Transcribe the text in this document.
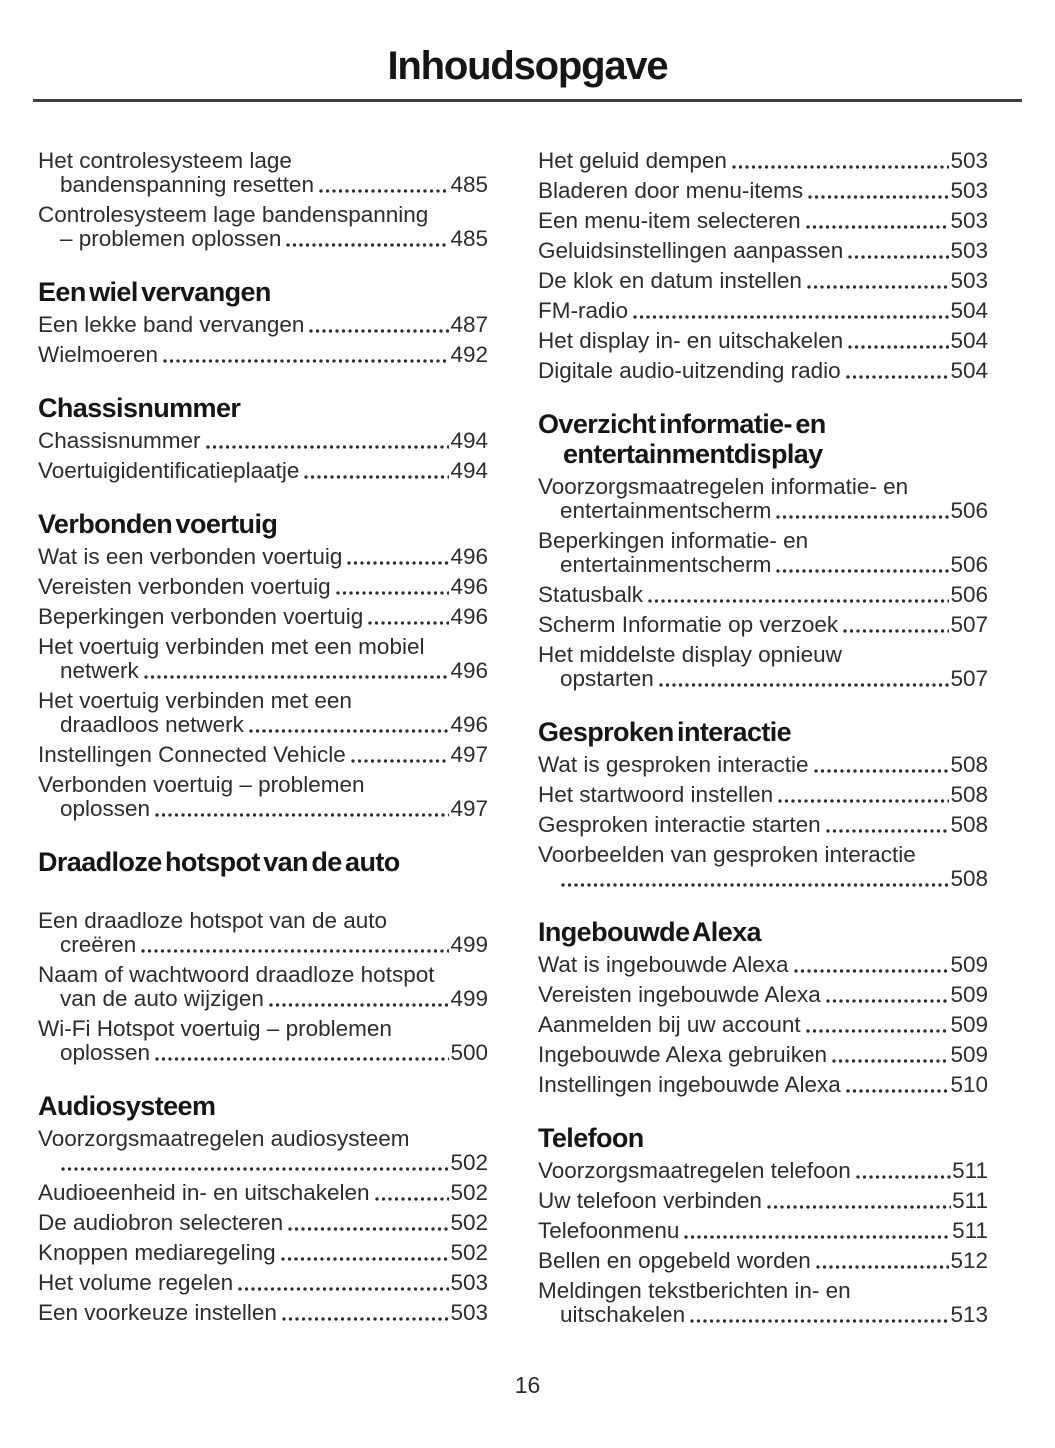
Inhoudsopgave
Het controlesysteem lage
bandenspanning resetten	485
Controlesysteem lage bandenspanning
– problemen oplossen	485
Een wiel vervangen
Een lekke band vervangen	487
Wielmoeren	492
Chassisnummer
Chassisnummer	494
Voertuigidentificatieplaatje	494
Verbonden voertuig
Wat is een verbonden voertuig	496
Vereisten verbonden voertuig	496
Beperkingen verbonden voertuig	496
Het voertuig verbinden met een mobiel
netwerk	496
Het voertuig verbinden met een
draadloos netwerk	496
Instellingen Connected Vehicle	497
Verbonden voertuig – problemen
oplossen	497
Draadloze hotspot van de auto
Een draadloze hotspot van de auto
creëren	499
Naam of wachtwoord draadloze hotspot
van de auto wijzigen	499
Wi-Fi Hotspot voertuig – problemen
oplossen	500
Audiosysteem
Voorzorgsmaatregelen audiosysteem
502
Audioeenheid in- en uitschakelen	502
De audiobron selecteren	502
Knoppen mediaregeling	502
Het volume regelen	503
Een voorkeuze instellen	503
Het geluid dempen	503
Bladeren door menu-items	503
Een menu-item selecteren	503
Geluidsinstellingen aanpassen	503
De klok en datum instellen	503
FM-radio	504
Het display in- en uitschakelen	504
Digitale audio-uitzending radio	504
Overzicht informatie- en
entertainmentdisplay
Voorzorgsmaatregelen informatie- en
entertainmentscherm	506
Beperkingen informatie- en
entertainmentscherm	506
Statusbalk	506
Scherm Informatie op verzoek	507
Het middelste display opnieuw
opstarten	507
Gesproken interactie
Wat is gesproken interactie	508
Het startwoord instellen	508
Gesproken interactie starten	508
Voorbeelden van gesproken interactie
508
Ingebouwde Alexa
Wat is ingebouwde Alexa	509
Vereisten ingebouwde Alexa	509
Aanmelden bij uw account	509
Ingebouwde Alexa gebruiken	509
Instellingen ingebouwde Alexa	510
Telefoon
Voorzorgsmaatregelen telefoon	511
Uw telefoon verbinden	511
Telefoonmenu	511
Bellen en opgebeld worden	512
Meldingen tekstberichten in- en
uitschakelen	513
16
